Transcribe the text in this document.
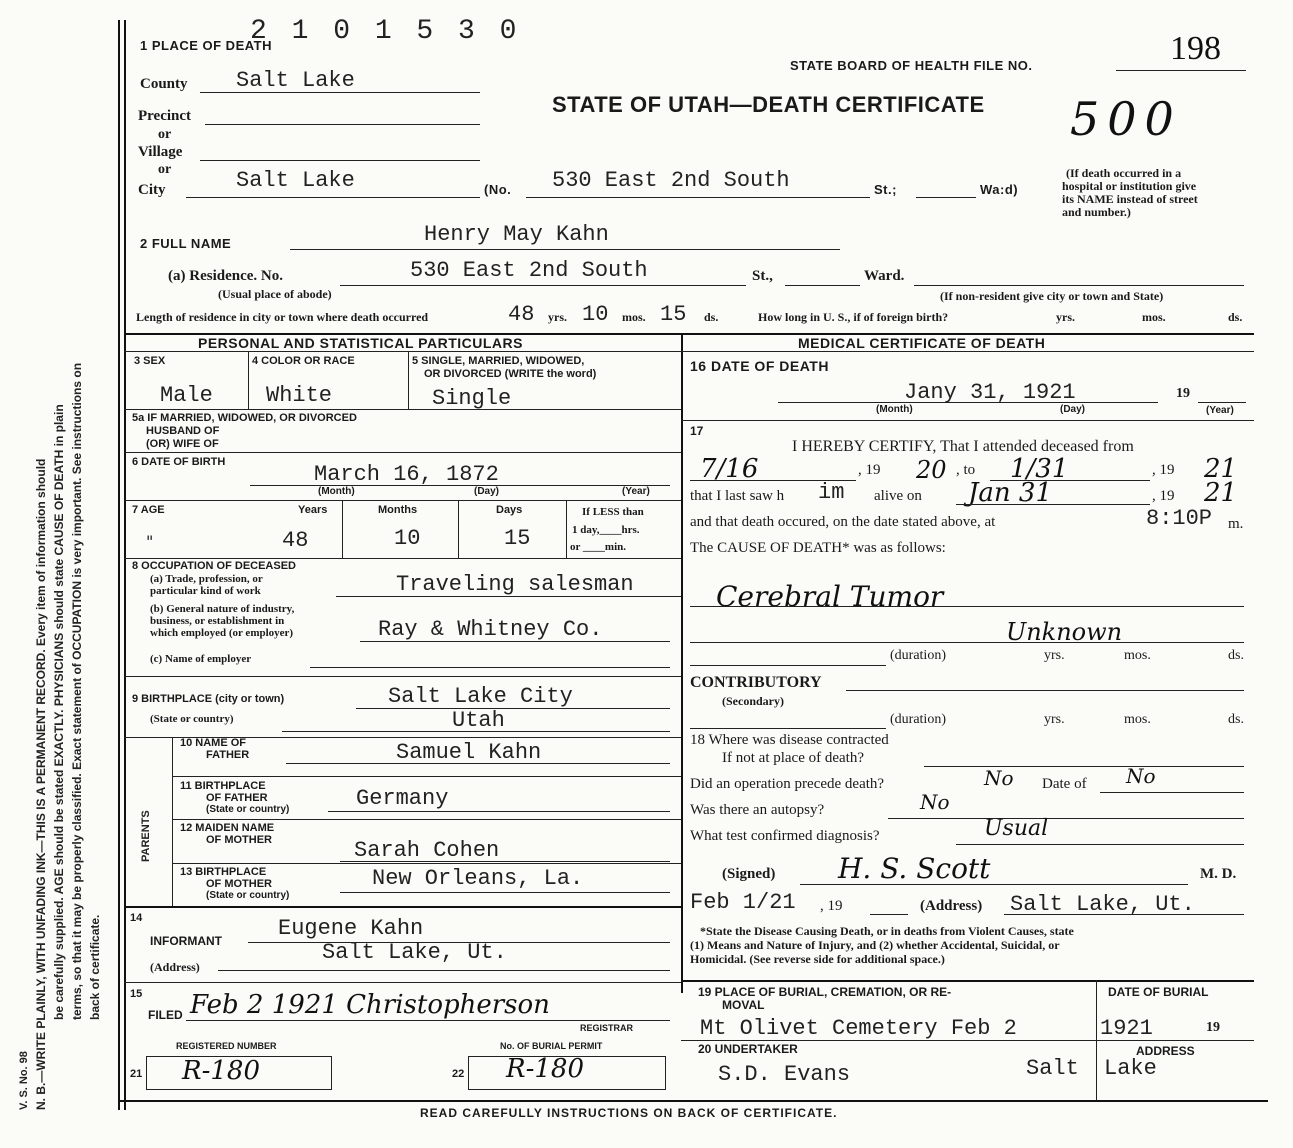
V. S. No. 98 N. B.—WRITE PLAINLY, WITH UNFADING INK—THIS IS A PERMANENT RECORD. Every item of information should be carefully supplied. AGE should be stated EXACTLY. PHYSICIANS should state CAUSE OF DEATH in plain terms, so that it may be properly classified. Exact statement of OCCUPATION is very important. See instructions on back of certificate.
2 1 0 1 5 3 0
1 PLACE OF DEATH
STATE BOARD OF HEALTH FILE NO.	198
STATE OF UTAH—DEATH CERTIFICATE 500
County Salt Lake
Precinct
or
Village
or
City	Salt Lake	(No. 530 East 2nd South	St.;	Wa:d)
(If death occurred in a
hospital or institution give
its NAME instead of street
and number.)
2 FULL NAME	Henry May Kahn
(a) Residence. No.	530 East 2nd South	St.,	Ward.
(Usual place of abode)	(If non-resident give city or town and State)
Length of residence in city or town where death occurred	48 yrs. 10 mos. 15 ds.	How long in U. S., if of foreign birth?	yrs.	mos.	ds.
PERSONAL AND STATISTICAL PARTICULARS	MEDICAL CERTIFICATE OF DEATH
3 SEX	4 COLOR OR RACE	5 SINGLE, MARRIED, WIDOWED,
OR DIVORCED (WRITE the word)
Male White	Single
5a IF MARRIED, WIDOWED, OR DIVORCED
HUSBAND OF
(OR) WIFE OF
6 DATE OF BIRTH	March 16, 1872
(Month)	(Day)	(Year)
7 AGE	Years	Months	Days	If LESS than
1 day,____hrs.
or ____min.
"	48	10	15
8 OCCUPATION OF DECEASED
(a) Trade, profession, or
particular kind of work	Traveling salesman
(b) General nature of industry,
business, or establishment in
which employed (or employer)	Ray & Whitney Co.
(c) Name of employer
9 BIRTHPLACE (city or town)	Salt Lake City
(State or country)	Utah
PARENTS
10 NAME OF
FATHER	Samuel Kahn
11 BIRTHPLACE
OF FATHER
(State or country)	Germany
12 MAIDEN NAME
OF MOTHER	Sarah Cohen
13 BIRTHPLACE
OF MOTHER
(State or country)
New Orleans, La.
14
INFORMANT	Eugene Kahn
(Address)
Salt Lake, Ut.
15
FILED Feb 2 1921 Christopherson
REGISTRAR
REGISTERED NUMBER	No. OF BURIAL PERMIT
21 R-180	22 R-180
16 DATE OF DEATH
Jany 31, 1921	19
(Month)	(Day)	(Year)
17
I HEREBY CERTIFY, That I attended deceased from
7/16	, 19 20 , to 1/31	, 19 21
that I last saw h im alive on Jan 31	, 19 21
and that death occured, on the date stated above, at	8:10P m.
The CAUSE OF DEATH* was as follows:
Cerebral Tumor
Unknown
(duration)	yrs.	mos.	ds.
CONTRIBUTORY
(Secondary)
(duration)	yrs.	mos.	ds.
18 Where was disease contracted
If not at place of death?
Did an operation precede death?	No Date of No
Was there an autopsy?	No
What test confirmed diagnosis?	Usual
(Signed) H. S. Scott	M. D.
Feb 1/21 , 19	(Address) Salt Lake, Ut.
*State the Disease Causing Death, or in deaths from Violent Causes, state
(1) Means and Nature of Injury, and (2) whether Accidental, Suicidal, or
Homicidal. (See reverse side for additional space.)
19 PLACE OF BURIAL, CREMATION, OR RE-
MOVAL
DATE OF BURIAL
Mt Olivet Cemetery Feb 2	1921	19
20 UNDERTAKER	ADDRESS
S.D. Evans	Salt Lake
READ CAREFULLY INSTRUCTIONS ON BACK OF CERTIFICATE.
